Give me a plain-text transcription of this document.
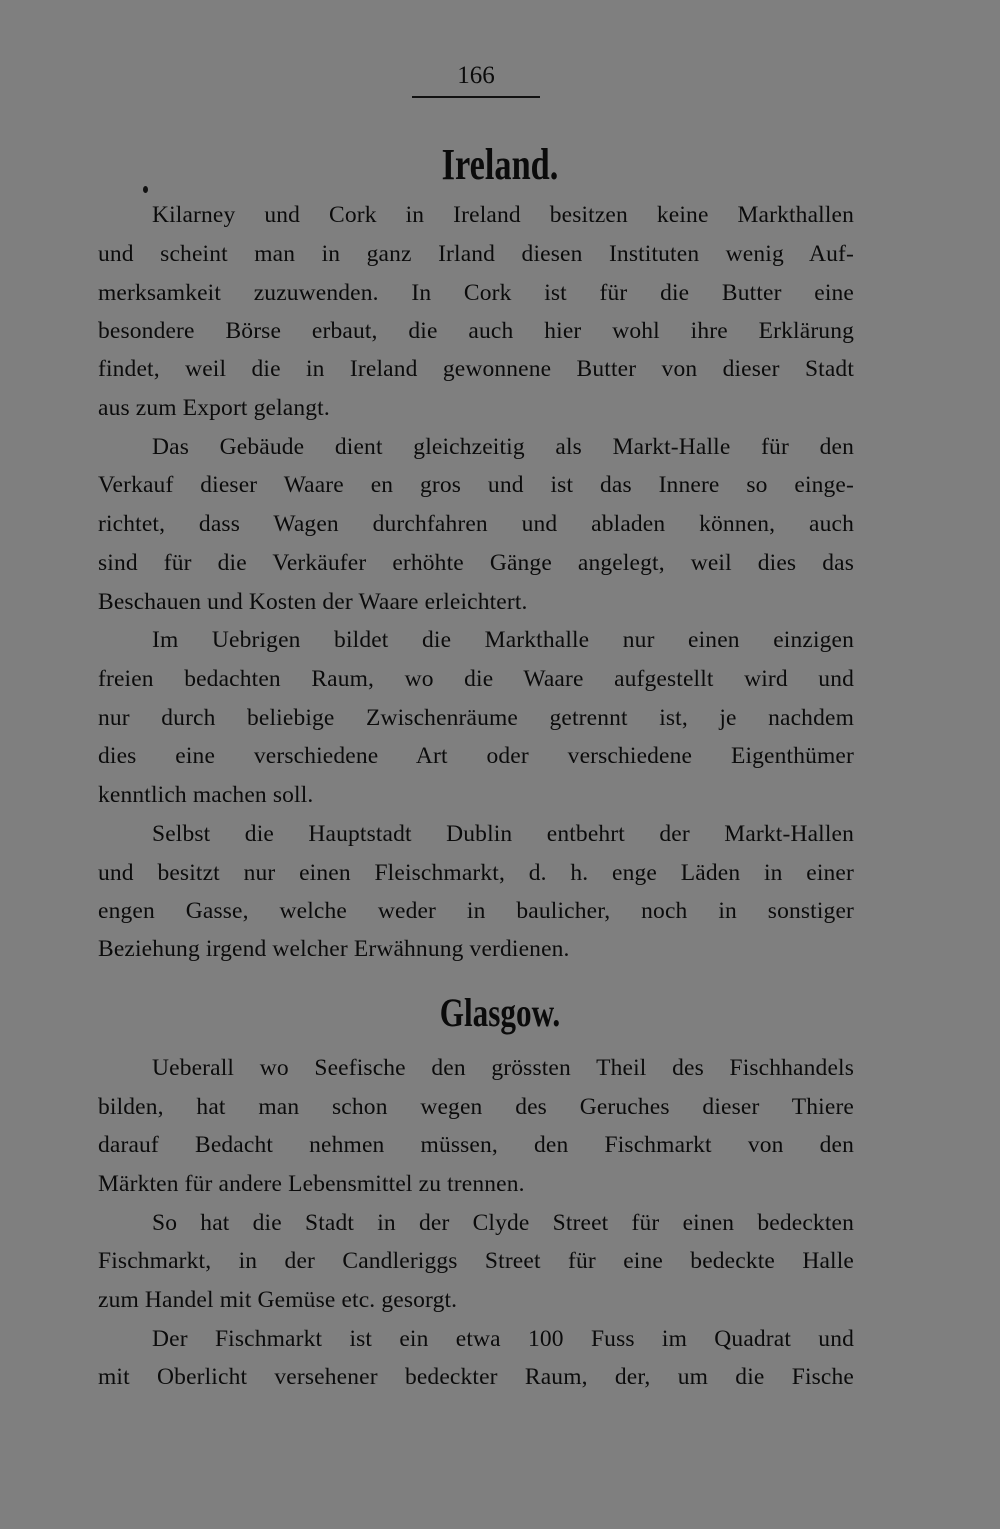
166
Ireland.
Kilarney und Cork in Ireland besitzen keine Markthallen
und scheint man in ganz Irland diesen Instituten wenig Auf-
merksamkeit zuzuwenden. In Cork ist für die Butter eine
besondere Börse erbaut, die auch hier wohl ihre Erklärung
findet, weil die in Ireland gewonnene Butter von dieser Stadt
aus zum Export gelangt.
Das Gebäude dient gleichzeitig als Markt-Halle für den
Verkauf dieser Waare en gros und ist das Innere so einge-
richtet, dass Wagen durchfahren und abladen können, auch
sind für die Verkäufer erhöhte Gänge angelegt, weil dies das
Beschauen und Kosten der Waare erleichtert.
Im Uebrigen bildet die Markthalle nur einen einzigen
freien bedachten Raum, wo die Waare aufgestellt wird und
nur durch beliebige Zwischenräume getrennt ist, je nachdem
dies eine verschiedene Art oder verschiedene Eigenthümer
kenntlich machen soll.
Selbst die Hauptstadt Dublin entbehrt der Markt-Hallen
und besitzt nur einen Fleischmarkt, d. h. enge Läden in einer
engen Gasse, welche weder in baulicher, noch in sonstiger
Beziehung irgend welcher Erwähnung verdienen.
Glasgow.
Ueberall wo Seefische den grössten Theil des Fischhandels
bilden, hat man schon wegen des Geruches dieser Thiere
darauf Bedacht nehmen müssen, den Fischmarkt von den
Märkten für andere Lebensmittel zu trennen.
So hat die Stadt in der Clyde Street für einen bedeckten
Fischmarkt, in der Candleriggs Street für eine bedeckte Halle
zum Handel mit Gemüse etc. gesorgt.
Der Fischmarkt ist ein etwa 100 Fuss im Quadrat und
mit Oberlicht versehener bedeckter Raum, der, um die Fische
